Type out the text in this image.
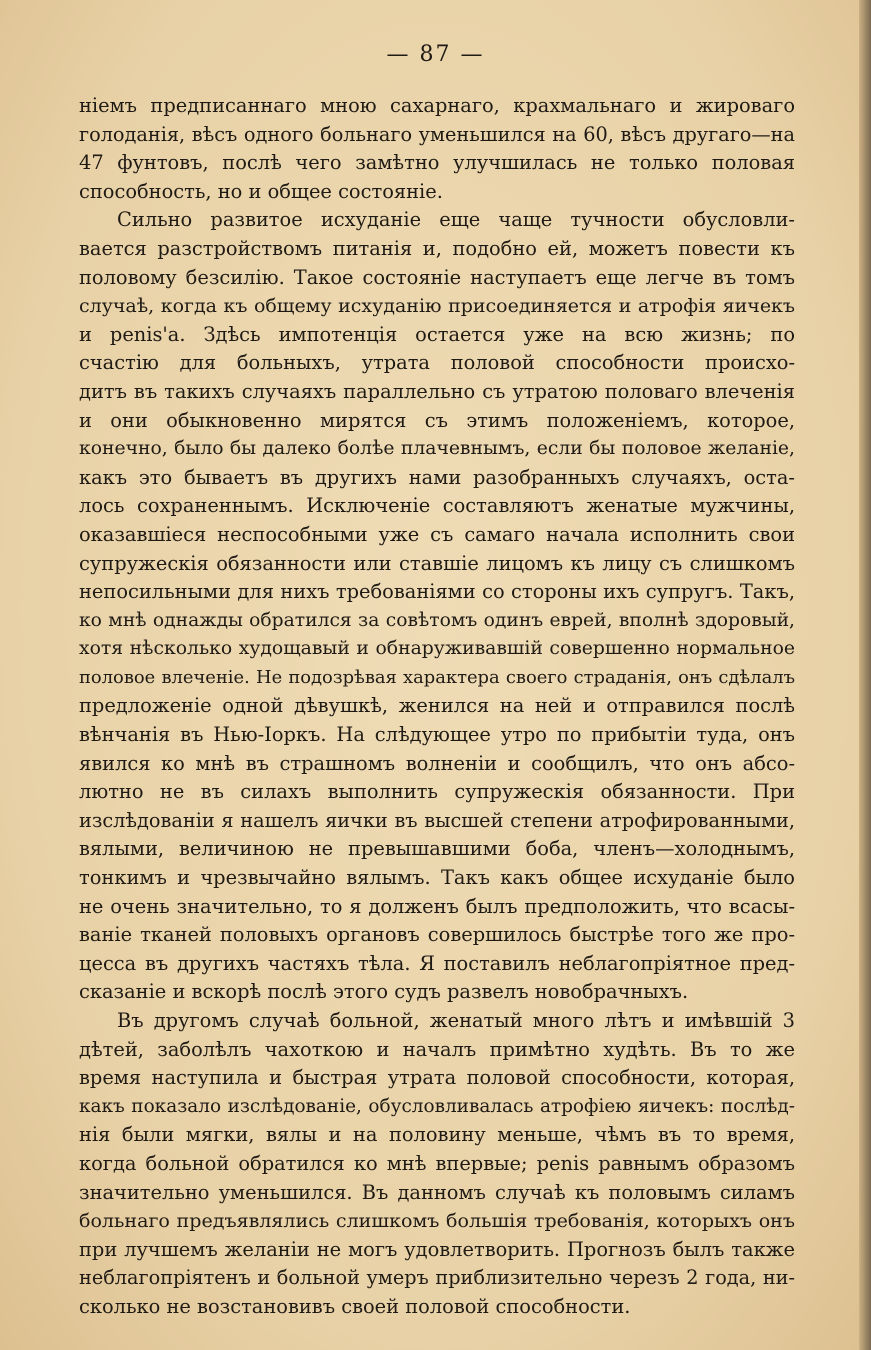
— 87 —
нiемъ предписаннаго мною сахарнаго, крахмальнаго и жироваго
голоданiя, вѣсъ одного больнаго уменьшился на 60, вѣсъ другаго—на
47 фунтовъ, послѣ чего замѣтно улучшилась не только половая
способность, но и общее состоянiе.
Сильно развитое исхуданiе еще чаще тучности обусловли-
вается разстройствомъ питанiя и, подобно ей, можетъ повести къ
половому безсилiю. Такое состоянiе наступаетъ еще легче въ томъ
случаѣ, когда къ общему исхуданiю присоединяется и атрофiя яичекъ
и penis'а. Здѣсь импотенцiя остается уже на всю жизнь; по
счастiю для больныхъ, утрата половой способности происхо-
дитъ въ такихъ случаяхъ параллельно съ утратою половаго влеченiя
и они обыкновенно мирятся съ этимъ положенiемъ, которое,
конечно, было бы далеко болѣе плачевнымъ, если бы половое желанiе,
какъ это бываетъ въ другихъ нами разобранныхъ случаяхъ, оста-
лось сохраненнымъ. Исключенiе составляютъ женатые мужчины,
оказавшiеся неспособными уже съ самаго начала исполнить свои
супружескiя обязанности или ставшiе лицомъ къ лицу съ слишкомъ
непосильными для нихъ требованiями со стороны ихъ супругъ. Такъ,
ко мнѣ однажды обратился за совѣтомъ одинъ еврей, вполнѣ здоровый,
хотя нѣсколько худощавый и обнаруживавшiй совершенно нормальное
половое влеченiе. Не подозрѣвая характера своего страданiя, онъ сдѣлалъ
предложенiе одной дѣвушкѣ, женился на ней и отправился послѣ
вѣнчанiя въ Нью-Iоркъ. На слѣдующее утро по прибытiи туда, онъ
явился ко мнѣ въ страшномъ волненiи и сообщилъ, что онъ абсо-
лютно не въ силахъ выполнить супружескiя обязанности. При
изслѣдованiи я нашелъ яички въ высшей степени атрофированными,
вялыми, величиною не превышавшими боба, членъ—холоднымъ,
тонкимъ и чрезвычайно вялымъ. Такъ какъ общее исхуданiе было
не очень значительно, то я долженъ былъ предположить, что всасы-
ванiе тканей половыхъ органовъ совершилось быстрѣе того же про-
цесса въ другихъ частяхъ тѣла. Я поставилъ неблагопрiятное пред-
сказанiе и вскорѣ послѣ этого судъ развелъ новобрачныхъ.
Въ другомъ случаѣ больной, женатый много лѣтъ и имѣвшiй 3
дѣтей, заболѣлъ чахоткою и началъ примѣтно худѣть. Въ то же
время наступила и быстрая утрата половой способности, которая,
какъ показало изслѣдованiе, обусловливалась атрофiею яичекъ: послѣд-
нiя были мягки, вялы и на половину меньше, чѣмъ въ то время,
когда больной обратился ко мнѣ впервые; penis равнымъ образомъ
значительно уменьшился. Въ данномъ случаѣ къ половымъ силамъ
больнаго предъявлялись слишкомъ большiя требованiя, которыхъ онъ
при лучшемъ желанiи не могъ удовлетворить. Прогнозъ былъ также
неблагопрiятенъ и больной умеръ приблизительно черезъ 2 года, ни-
сколько не возстановивъ своей половой способности.
